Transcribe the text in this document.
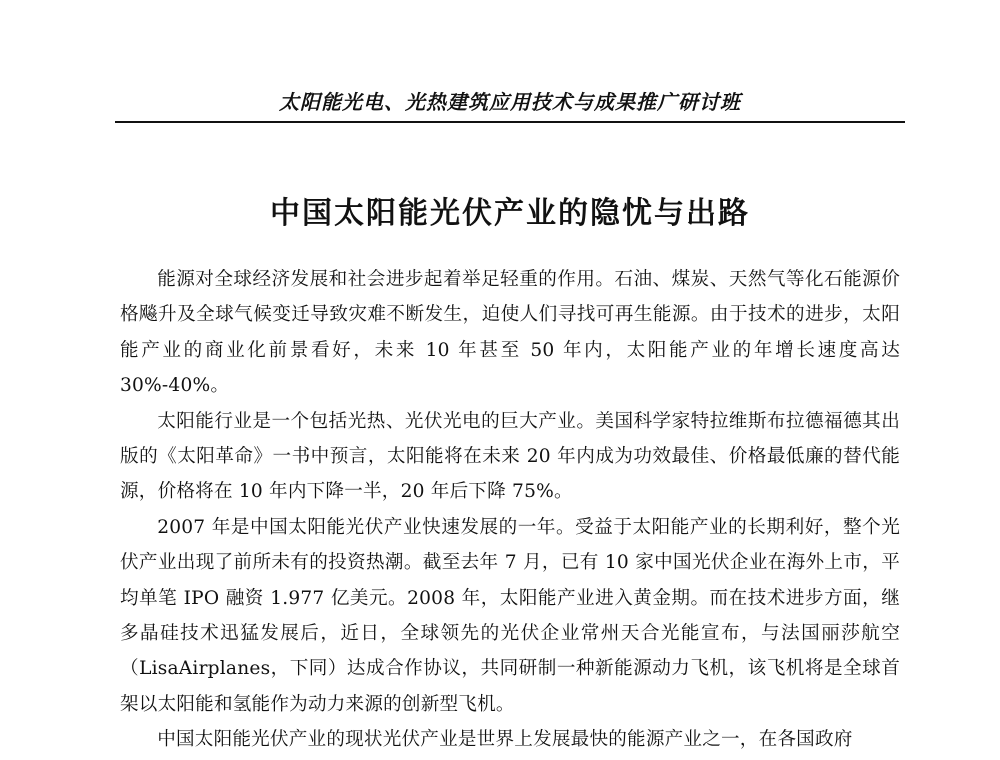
太阳能光电、光热建筑应用技术与成果推广研讨班
中国太阳能光伏产业的隐忧与出路

能源对全球经济发展和社会进步起着举足轻重的作用。石油、煤炭、天然气等化石能源价格飚升及全球气候变迁导致灾难不断发生，迫使人们寻找可再生能源。由于技术的进步，太阳能产业的商业化前景看好，未来 10 年甚至 50 年内，太阳能产业的年增长速度高达 30%-40%。

太阳能行业是一个包括光热、光伏光电的巨大产业。美国科学家特拉维斯布拉德福德其出版的《太阳革命》一书中预言，太阳能将在未来 20 年内成为功效最佳、价格最低廉的替代能源，价格将在 10 年内下降一半，20 年后下降 75%。

2007 年是中国太阳能光伏产业快速发展的一年。受益于太阳能产业的长期利好，整个光伏产业出现了前所未有的投资热潮。截至去年 7 月，已有 10 家中国光伏企业在海外上市，平均单笔 IPO 融资 1.977 亿美元。2008 年，太阳能产业进入黄金期。而在技术进步方面，继多晶硅技术迅猛发展后，近日，全球领先的光伏企业常州天合光能宣布，与法国丽莎航空（LisaAirplanes，下同）达成合作协议，共同研制一种新能源动力飞机，该飞机将是全球首架以太阳能和氢能作为动力来源的创新型飞机。

中国太阳能光伏产业的现状光伏产业是世界上发展最快的能源产业之一，在各国政府
